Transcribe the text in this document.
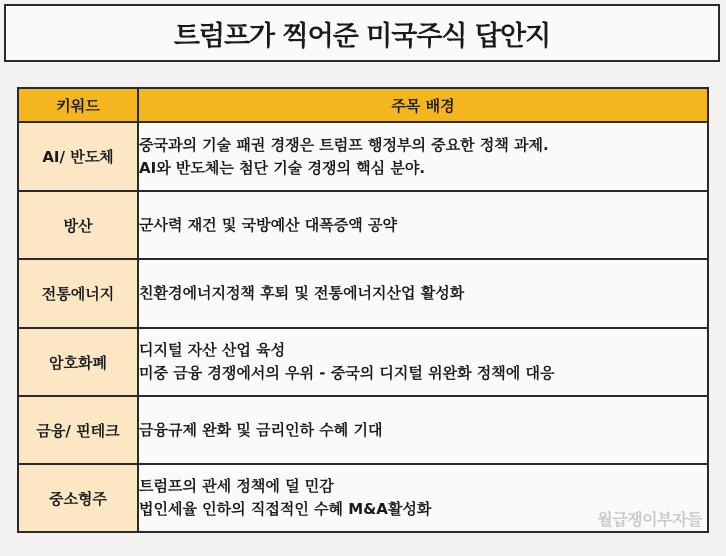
트럼프가 찍어준 미국주식 답안지
키워드	주목 배경
AI/ 반도체	중국과의 기술 패권 경쟁은 트럼프 행정부의 중요한 정책 과제.
AI와 반도체는 첨단 기술 경쟁의 핵심 분야.

방산	군사력 재건 및 국방예산 대폭증액 공약

전통에너지	친환경에너지정책 후퇴 및 전통에너지산업 활성화

암호화폐	디지털 자산 산업 육성
미중 금융 경쟁에서의 우위 - 중국의 디지털 위완화 정책에 대응

금융/ 핀테크	금융규제 완화 및 금리인하 수혜 기대

중소형주	트럼프의 관세 정책에 덜 민감
법인세율 인하의 직접적인 수혜 M&A활성화
월급쟁이부자들
